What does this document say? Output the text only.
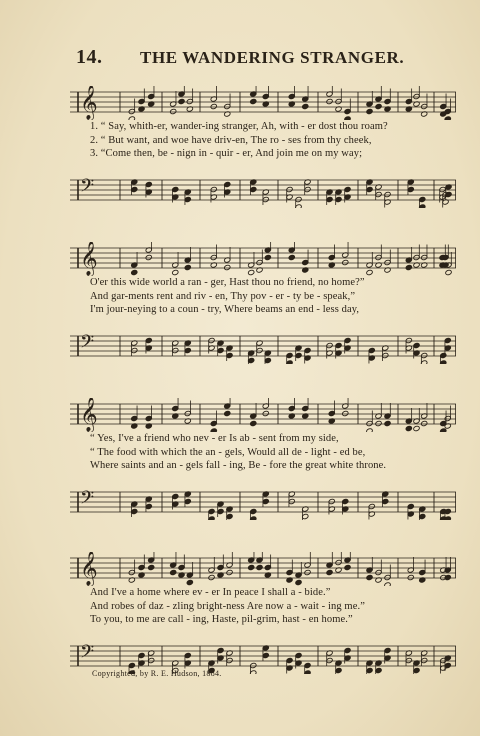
14. THE WANDERING STRANGER.
𝄞
1. “ Say, whith-er, wander-ing stranger, Ah, with - er dost thou roam?
2. “ But want, and woe have driv-en, The ro - ses from thy cheek,
3. “Come then, be - nign in - quir - er, And join me on my way;
𝄢
𝄞
O'er this wide world a ran - ger, Hast thou no friend, no home?”
And gar-ments rent and riv - en, Thy pov - er - ty be - speak,”
I'm jour-neying to a coun - try, Where beams an end - less day,
𝄢
𝄞
“ Yes, I've a friend who nev - er Is ab - sent from my side,
“ The food with which the an - gels, Would all de - light - ed be,
Where saints and an - gels fall - ing, Be - fore the great white throne.
𝄢
𝄞
And I've a home where ev - er In peace I shall a - bide.”
And robes of daz - zling bright-ness Are now a - wait - ing me.”
To you, to me are call - ing, Haste, pil-grim, hast - en home.”
𝄢
Copyrighted, by R. E. Hudson, 1884.
